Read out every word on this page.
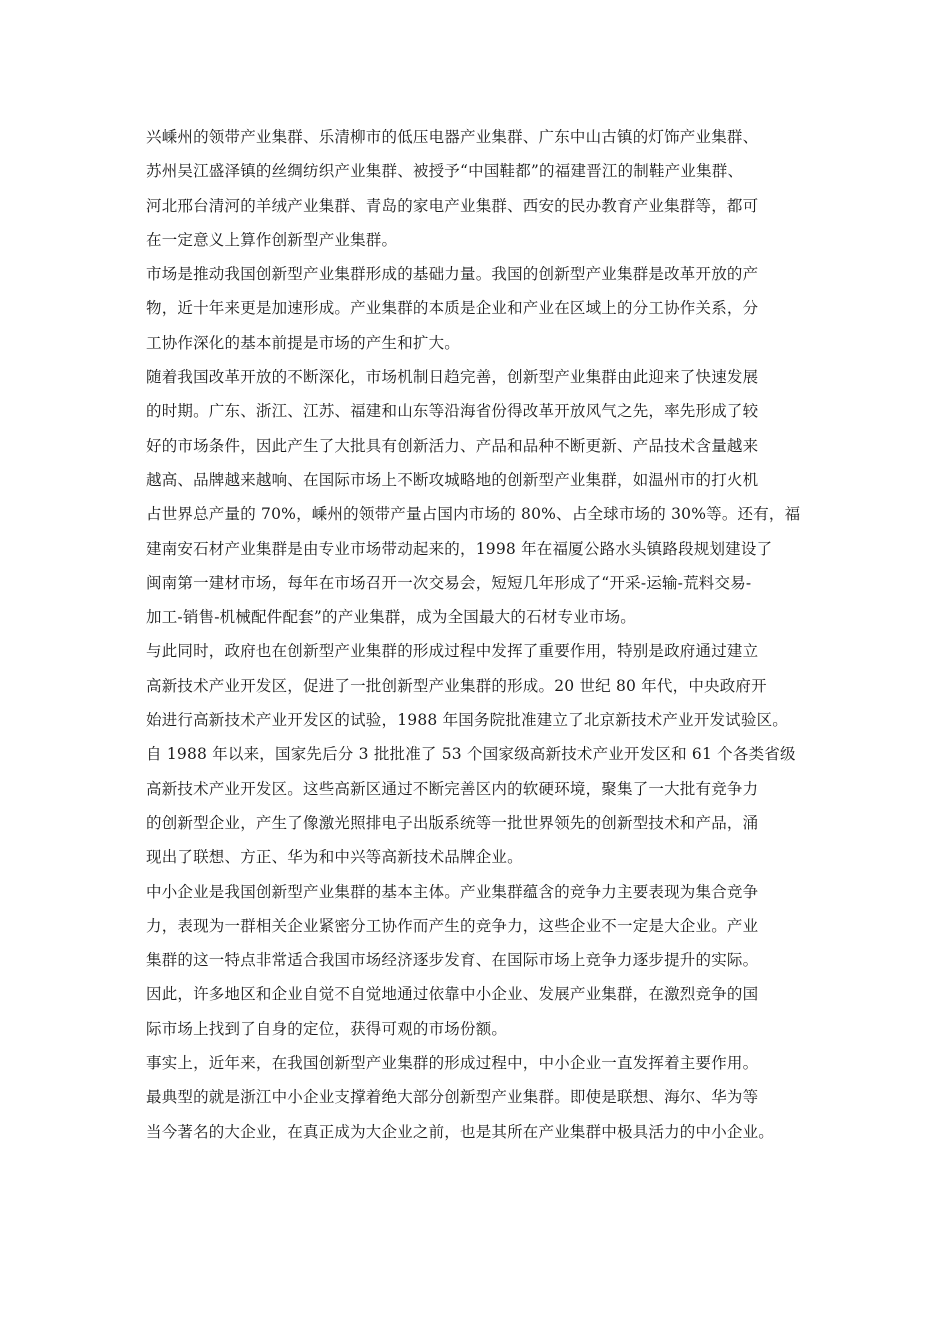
兴嵊州的领带产业集群、乐清柳市的低压电器产业集群、广东中山古镇的灯饰产业集群、
苏州吴江盛泽镇的丝绸纺织产业集群、被授予“中国鞋都”的福建晋江的制鞋产业集群、
河北邢台清河的羊绒产业集群、青岛的家电产业集群、西安的民办教育产业集群等，都可
在一定意义上算作创新型产业集群。
市场是推动我国创新型产业集群形成的基础力量。我国的创新型产业集群是改革开放的产
物，近十年来更是加速形成。产业集群的本质是企业和产业在区域上的分工协作关系，分
工协作深化的基本前提是市场的产生和扩大。
随着我国改革开放的不断深化，市场机制日趋完善，创新型产业集群由此迎来了快速发展
的时期。广东、浙江、江苏、福建和山东等沿海省份得改革开放风气之先，率先形成了较
好的市场条件，因此产生了大批具有创新活力、产品和品种不断更新、产品技术含量越来
越高、品牌越来越响、在国际市场上不断攻城略地的创新型产业集群，如温州市的打火机
占世界总产量的 70%，嵊州的领带产量占国内市场的 80%、占全球市场的 30%等。还有，福
建南安石材产业集群是由专业市场带动起来的，1998 年在福厦公路水头镇路段规划建设了
闽南第一建材市场，每年在市场召开一次交易会，短短几年形成了“开采-运输-荒料交易-
加工-销售-机械配件配套”的产业集群，成为全国最大的石材专业市场。
与此同时，政府也在创新型产业集群的形成过程中发挥了重要作用，特别是政府通过建立
高新技术产业开发区，促进了一批创新型产业集群的形成。20 世纪 80 年代，中央政府开
始进行高新技术产业开发区的试验，1988 年国务院批准建立了北京新技术产业开发试验区。
自 1988 年以来，国家先后分 3 批批准了 53 个国家级高新技术产业开发区和 61 个各类省级
高新技术产业开发区。这些高新区通过不断完善区内的软硬环境，聚集了一大批有竞争力
的创新型企业，产生了像激光照排电子出版系统等一批世界领先的创新型技术和产品，涌
现出了联想、方正、华为和中兴等高新技术品牌企业。
中小企业是我国创新型产业集群的基本主体。产业集群蕴含的竞争力主要表现为集合竞争
力，表现为一群相关企业紧密分工协作而产生的竞争力，这些企业不一定是大企业。产业
集群的这一特点非常适合我国市场经济逐步发育、在国际市场上竞争力逐步提升的实际。
因此，许多地区和企业自觉不自觉地通过依靠中小企业、发展产业集群，在激烈竞争的国
际市场上找到了自身的定位，获得可观的市场份额。
事实上，近年来，在我国创新型产业集群的形成过程中，中小企业一直发挥着主要作用。
最典型的就是浙江中小企业支撑着绝大部分创新型产业集群。即使是联想、海尔、华为等
当今著名的大企业，在真正成为大企业之前，也是其所在产业集群中极具活力的中小企业。
